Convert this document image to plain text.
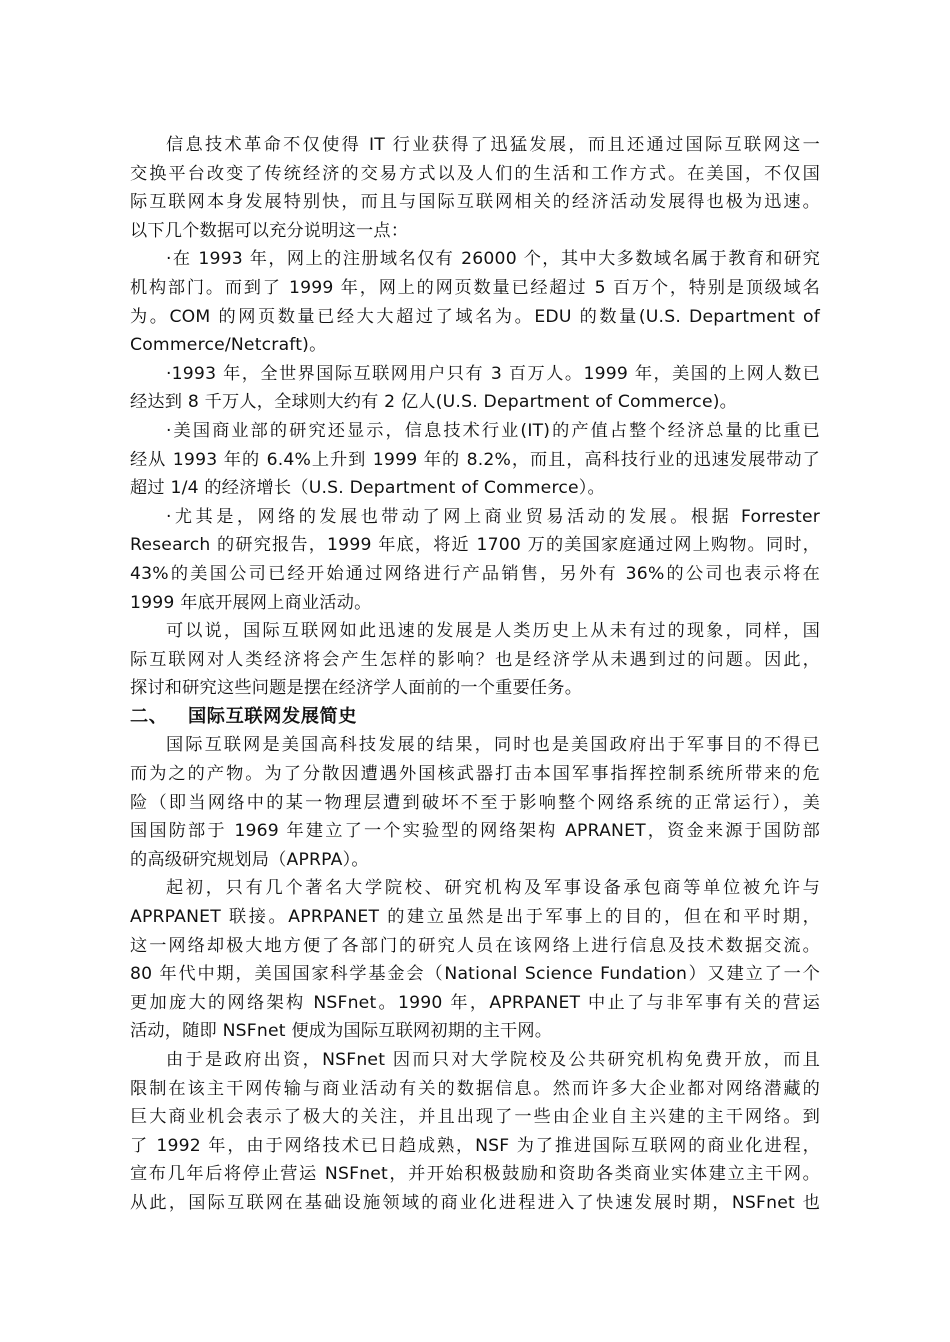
信息技术革命不仅使得 IT 行业获得了迅猛发展，而且还通过国际互联网这一
交换平台改变了传统经济的交易方式以及人们的生活和工作方式。在美国，不仅国
际互联网本身发展特别快，而且与国际互联网相关的经济活动发展得也极为迅速。
以下几个数据可以充分说明这一点：
·在 1993 年，网上的注册域名仅有 26000 个，其中大多数域名属于教育和研究
机构部门。而到了 1999 年，网上的网页数量已经超过 5 百万个，特别是顶级域名
为。COM 的网页数量已经大大超过了域名为。EDU 的数量(U.S. Department of
Commerce/Netcraft)。
·1993 年，全世界国际互联网用户只有 3 百万人。1999 年，美国的上网人数已
经达到 8 千万人，全球则大约有 2 亿人(U.S. Department of Commerce)。
·美国商业部的研究还显示，信息技术行业(IT)的产值占整个经济总量的比重已
经从 1993 年的 6.4%上升到 1999 年的 8.2%，而且，高科技行业的迅速发展带动了
超过 1/4 的经济增长（U.S. Department of Commerce）。
·尤其是，网络的发展也带动了网上商业贸易活动的发展。根据 Forrester
Research 的研究报告，1999 年底，将近 1700 万的美国家庭通过网上购物。同时，
43%的美国公司已经开始通过网络进行产品销售，另外有 36%的公司也表示将在
1999 年底开展网上商业活动。
可以说，国际互联网如此迅速的发展是人类历史上从未有过的现象，同样，国
际互联网对人类经济将会产生怎样的影响？也是经济学从未遇到过的问题。因此，
探讨和研究这些问题是摆在经济学人面前的一个重要任务。
二、 国际互联网发展简史
国际互联网是美国高科技发展的结果，同时也是美国政府出于军事目的不得已
而为之的产物。为了分散因遭遇外国核武器打击本国军事指挥控制系统所带来的危
险（即当网络中的某一物理层遭到破坏不至于影响整个网络系统的正常运行），美
国国防部于 1969 年建立了一个实验型的网络架构 APRANET，资金来源于国防部
的高级研究规划局（APRPA）。
起初，只有几个著名大学院校、研究机构及军事设备承包商等单位被允许与
APRPANET 联接。APRPANET 的建立虽然是出于军事上的目的，但在和平时期，
这一网络却极大地方便了各部门的研究人员在该网络上进行信息及技术数据交流。
80 年代中期，美国国家科学基金会（National Science Fundation）又建立了一个
更加庞大的网络架构 NSFnet。1990 年，APRPANET 中止了与非军事有关的营运
活动，随即 NSFnet 便成为国际互联网初期的主干网。
由于是政府出资，NSFnet 因而只对大学院校及公共研究机构免费开放，而且
限制在该主干网传输与商业活动有关的数据信息。然而许多大企业都对网络潜藏的
巨大商业机会表示了极大的关注，并且出现了一些由企业自主兴建的主干网络。到
了 1992 年，由于网络技术已日趋成熟，NSF 为了推进国际互联网的商业化进程，
宣布几年后将停止营运 NSFnet，并开始积极鼓励和资助各类商业实体建立主干网。
从此，国际互联网在基础设施领域的商业化进程进入了快速发展时期，NSFnet 也
